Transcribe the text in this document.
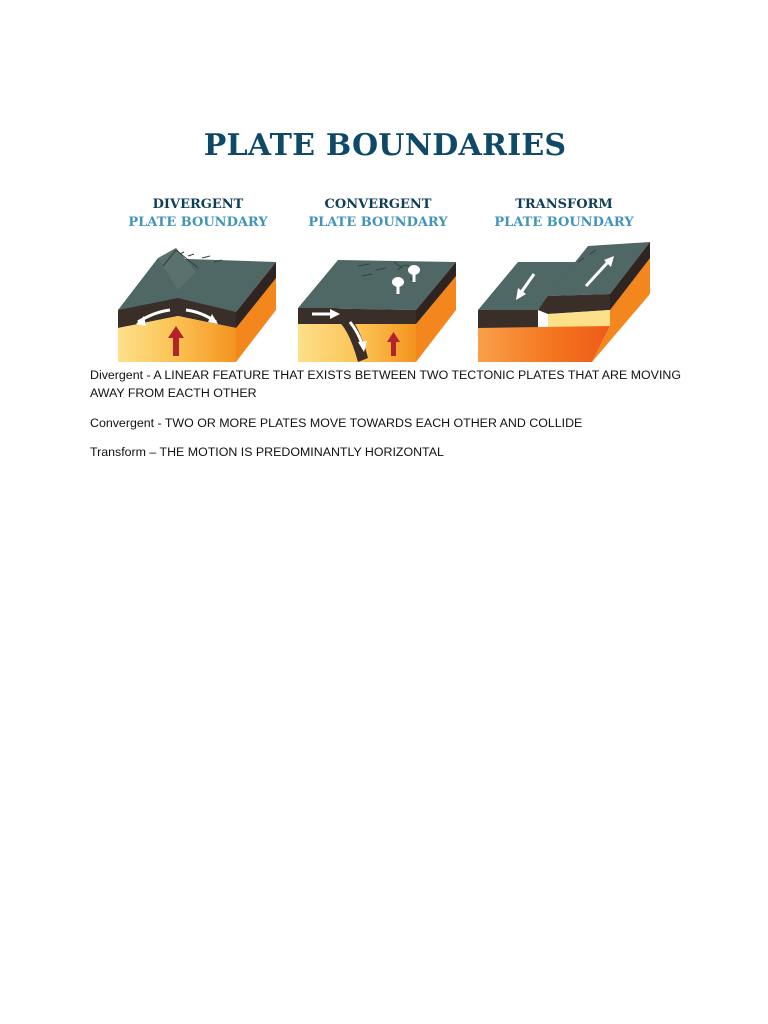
PLATE BOUNDARIES
DIVERGENT
PLATE BOUNDARY
CONVERGENT
PLATE BOUNDARY
TRANSFORM
PLATE BOUNDARY

Divergent - A LINEAR FEATURE THAT EXISTS BETWEEN TWO TECTONIC PLATES THAT ARE MOVING AWAY FROM EACTH OTHER

Convergent - TWO OR MORE PLATES MOVE TOWARDS EACH OTHER AND COLLIDE

Transform – THE MOTION IS PREDOMINANTLY HORIZONTAL
